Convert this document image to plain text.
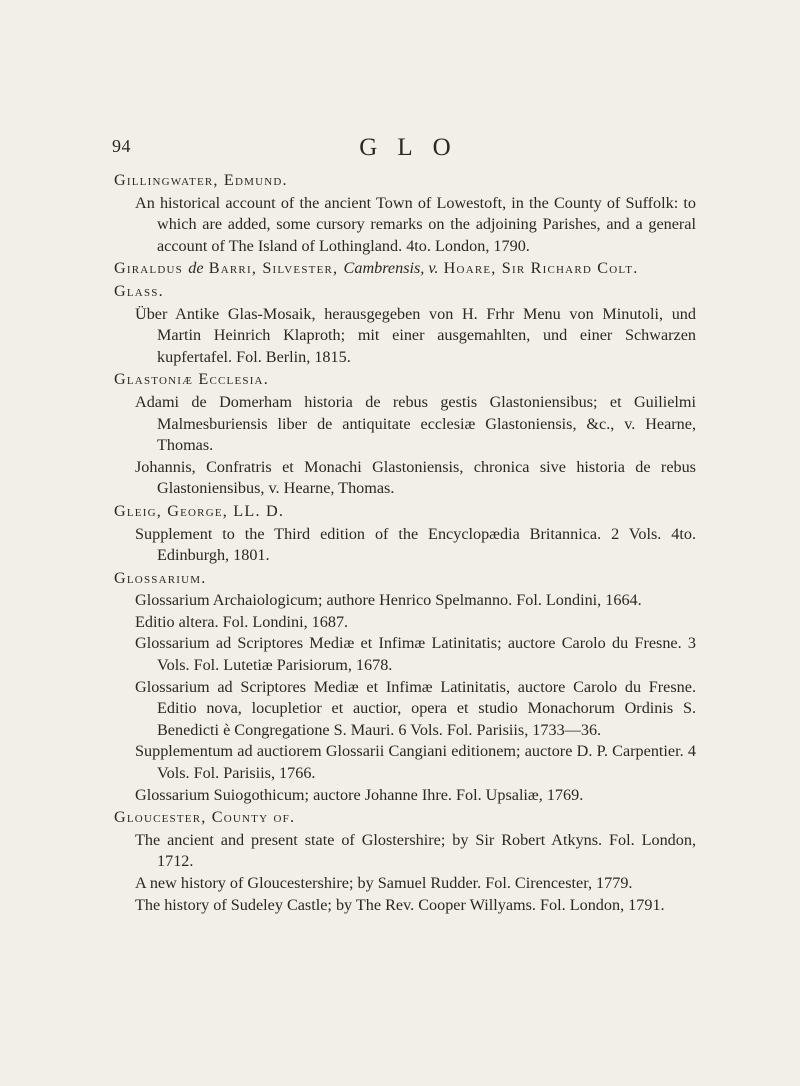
94	GLO
Gillingwater, Edmund.
An historical account of the ancient Town of Lowestoft, in the County of Suffolk: to which are added, some cursory remarks on the adjoining Parishes, and a general account of The Island of Lothingland. 4to. London, 1790.
Giraldus de Barri, Silvester, Cambrensis, v. Hoare, Sir Richard Colt.
Glass.
Über Antike Glas-Mosaik, herausgegeben von H. Frhr Menu von Minutoli, und Martin Heinrich Klaproth; mit einer ausgemahlten, und einer Schwarzen kupfertafel. Fol. Berlin, 1815.
Glastoniæ Ecclesia.
Adami de Domerham historia de rebus gestis Glastoniensibus; et Guilielmi Malmesburiensis liber de antiquitate ecclesiæ Glastoniensis, &c., v. Hearne, Thomas.
Johannis, Confratris et Monachi Glastoniensis, chronica sive historia de rebus Glastoniensibus, v. Hearne, Thomas.
Gleig, George, LL. D.
Supplement to the Third edition of the Encyclopædia Britannica. 2 Vols. 4to. Edinburgh, 1801.
Glossarium.
Glossarium Archaiologicum; authore Henrico Spelmanno. Fol. Londini, 1664.
Editio altera. Fol. Londini, 1687.
Glossarium ad Scriptores Mediæ et Infimæ Latinitatis; auctore Carolo du Fresne. 3 Vols. Fol. Lutetiæ Parisiorum, 1678.
Glossarium ad Scriptores Mediæ et Infimæ Latinitatis, auctore Carolo du Fresne. Editio nova, locupletior et auctior, opera et studio Monachorum Ordinis S. Benedicti è Congregatione S. Mauri. 6 Vols. Fol. Parisiis, 1733—36.
Supplementum ad auctiorem Glossarii Cangiani editionem; auctore D. P. Carpentier. 4 Vols. Fol. Parisiis, 1766.
Glossarium Suiogothicum; auctore Johanne Ihre. Fol. Upsaliæ, 1769.
Gloucester, County of.
The ancient and present state of Glostershire; by Sir Robert Atkyns. Fol. London, 1712.
A new history of Gloucestershire; by Samuel Rudder. Fol. Cirencester, 1779.
The history of Sudeley Castle; by The Rev. Cooper Willyams. Fol. London, 1791.
